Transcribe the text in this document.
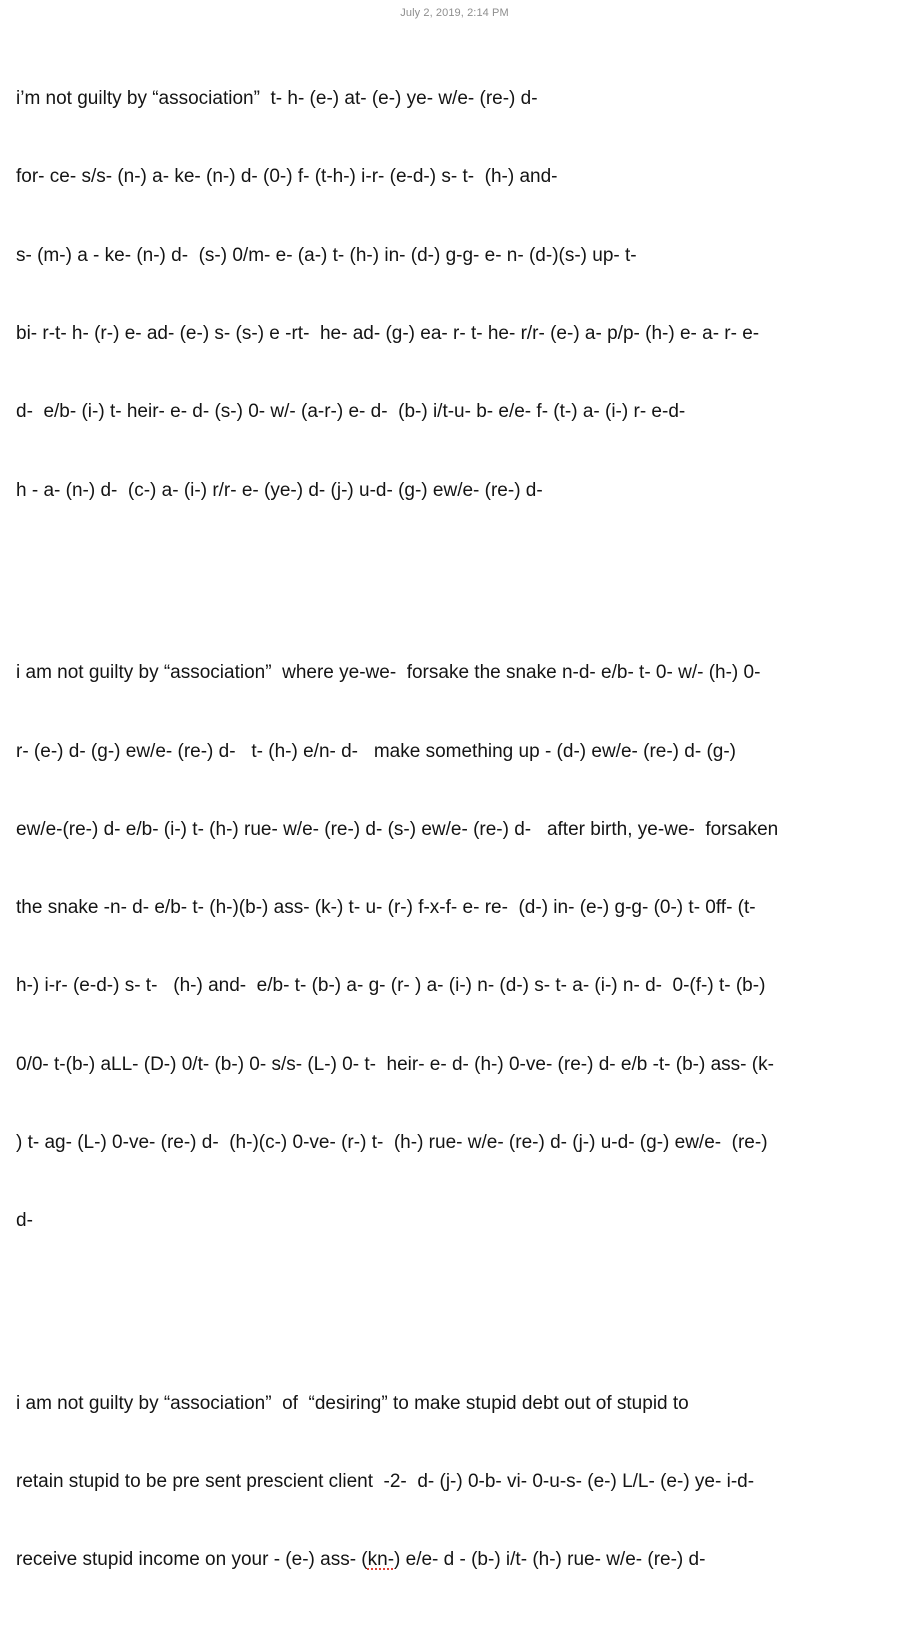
July 2, 2019, 2:14 PM

i’m not guilty by “association”  t- h- (e-) at- (e-) ye- w/e- (re-) d-

for- ce- s/s- (n-) a- ke- (n-) d- (0-) f- (t-h-) i-r- (e-d-) s- t-  (h-) and-

s- (m-) a - ke- (n-) d-  (s-) 0/m- e- (a-) t- (h-) in- (d-) g-g- e- n- (d-)(s-) up- t-

bi- r-t- h- (r-) e- ad- (e-) s- (s-) e -rt-  he- ad- (g-) ea- r- t- he- r/r- (e-) a- p/p- (h-) e- a- r- e-

d-  e/b- (i-) t- heir- e- d- (s-) 0- w/- (a-r-) e- d-  (b-) i/t-u- b- e/e- f- (t-) a- (i-) r- e-d-

h - a- (n-) d-  (c-) a- (i-) r/r- e- (ye-) d- (j-) u-d- (g-) ew/e- (re-) d-

i am not guilty by “association”  where ye-we-  forsake the snake n-d- e/b- t- 0- w/- (h-) 0-

r- (e-) d- (g-) ew/e- (re-) d-   t- (h-) e/n- d-   make something up - (d-) ew/e- (re-) d- (g-)

ew/e-(re-) d- e/b- (i-) t- (h-) rue- w/e- (re-) d- (s-) ew/e- (re-) d-   after birth, ye-we-  forsaken

the snake -n- d- e/b- t- (h-)(b-) ass- (k-) t- u- (r-) f-x-f- e- re-  (d-) in- (e-) g-g- (0-) t- 0ff- (t-

h-) i-r- (e-d-) s- t-   (h-) and-  e/b- t- (b-) a- g- (r- ) a- (i-) n- (d-) s- t- a- (i-) n- d-  0-(f-) t- (b-)

0/0- t-(b-) aLL- (D-) 0/t- (b-) 0- s/s- (L-) 0- t-  heir- e- d- (h-) 0-ve- (re-) d- e/b -t- (b-) ass- (k-

) t- ag- (L-) 0-ve- (re-) d-  (h-)(c-) 0-ve- (r-) t-  (h-) rue- w/e- (re-) d- (j-) u-d- (g-) ew/e-  (re-)

d-

i am not guilty by “association”  of  “desiring” to make stupid debt out of stupid to

retain stupid to be pre sent prescient client  -2-  d- (j-) 0-b- vi- 0-u-s- (e-) L/L- (e-) ye- i-d-

receive stupid income on your - (e-) ass- (kn-) e/e- d - (b-) i/t- (h-) rue- w/e- (re-) d-
